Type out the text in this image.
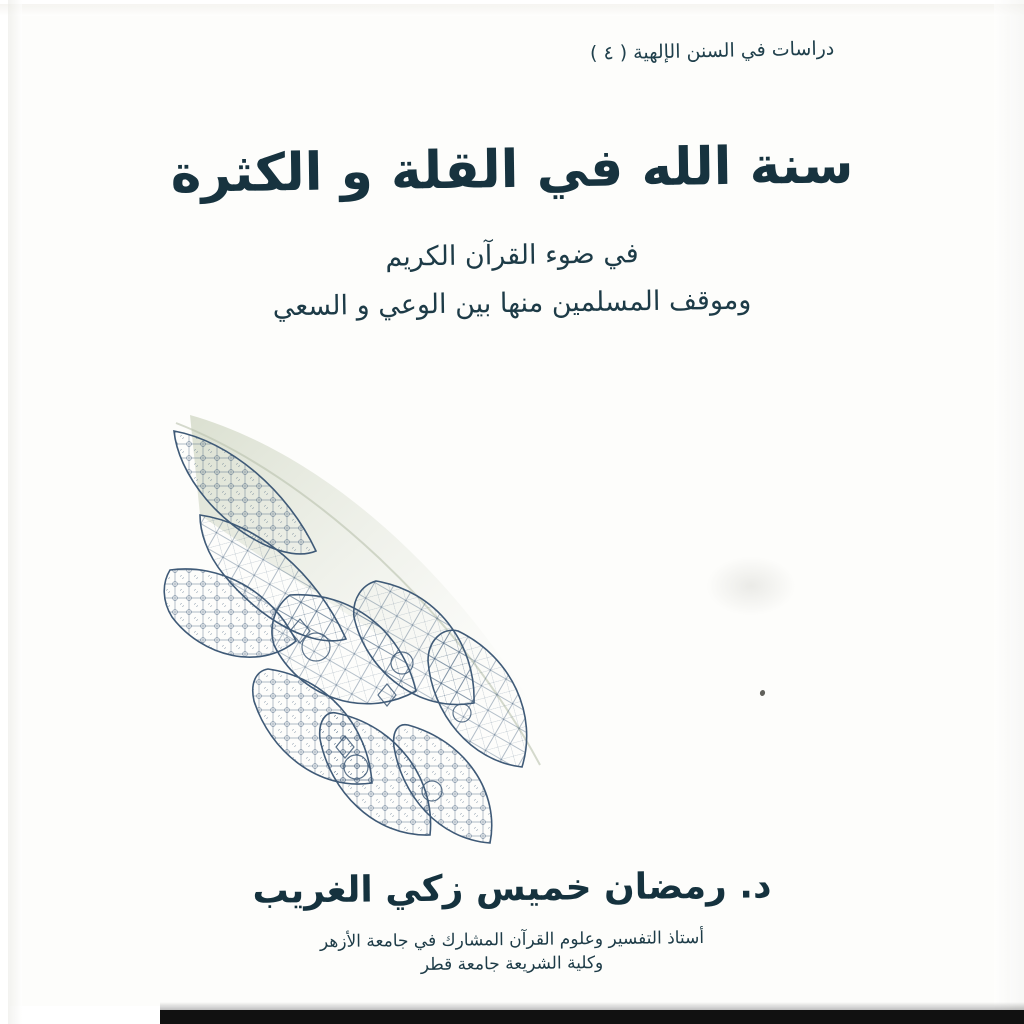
دراسات في السنن الإلهية ( ٤ )
سنة الله في القلة و الكثرة
في ضوء القرآن الكريم
وموقف المسلمين منها بين الوعي و السعي
د. رمضان خميس زكي الغريب
أستاذ التفسير وعلوم القرآن المشارك في جامعة الأزهر
وكلية الشريعة جامعة قطر
